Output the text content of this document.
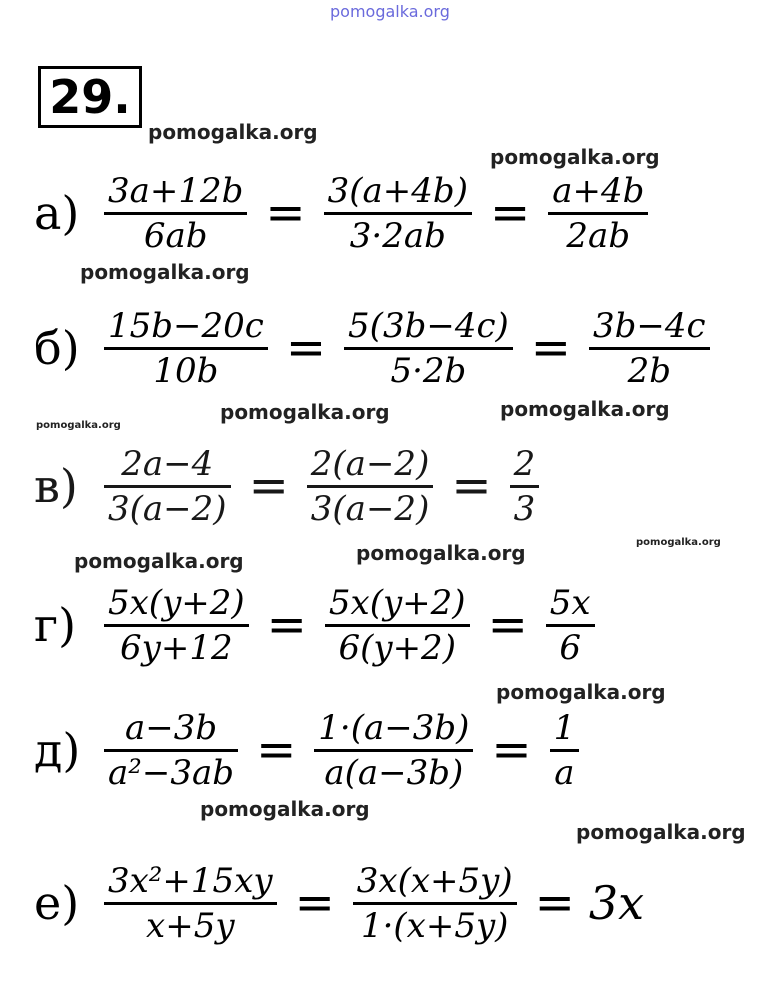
pomogalka.org
pomogalka.org
pomogalka.org
pomogalka.org
pomogalka.org	pomogalka.org
pomogalka.org
pomogalka.org	pomogalka.org	pomogalka.org
pomogalka.org
pomogalka.org
pomogalka.org
29.
$а) \frac{3a+12b}{6ab} = \frac{3(a+4b)}{3\cdot 2ab} = \frac{a+4b}{2ab}$
$б) \frac{15b-20c}{10b} = \frac{5(3b-4c)}{5\cdot 2b} = \frac{3b-4c}{2b}$
$в) \frac{2a-4}{3(a-2)} = \frac{2(a-2)}{3(a-2)} = \frac{2}{3}$
$г) \frac{5x(y+2)}{6y+12} = \frac{5x(y+2)}{6(y+2)} = \frac{5x}{6}$
$д) \frac{a-3b}{\text{a²−3ab}} = \frac{1\cdot(a-3b)}{a(a-3b)} = \frac{1}{a}$
$е) \frac{\text{3x²+15xy}}{x+5y} = \frac{3x(x+5y)}{1\cdot(x+5y)} = 3x$
